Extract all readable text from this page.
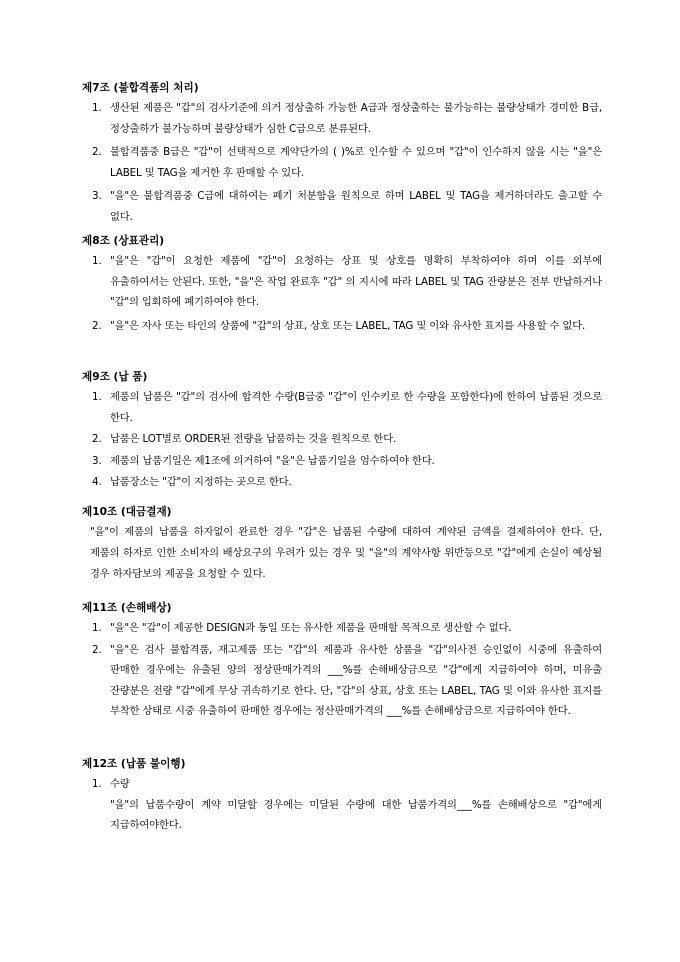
제7조 (불합격품의 처리)
1. 생산된 제품은 "갑"의 검사기준에 의거 정상출하 가능한 A급과 정상출하는 불가능하는 불량상태가 경미한 B급, 정상출하가 불가능하며 불량상태가 심한 C급으로 분류된다.
2. 불합격품중 B급은 "갑"이 선택적으로 계약단가의 ( )%로 인수할 수 있으며 "갑"이 인수하지 않을 시는 "을"은 LABEL 및 TAG을 제거한 후 판매할 수 있다.
3. "을"은 불합격품중 C급에 대하여는 폐기 처분함을 원칙으로 하며 LABEL 및 TAG을 제거하더라도 출고할 수 없다.
제8조 (상표관리)
1. "을"은 "갑"이 요청한 제품에 "갑"이 요청하는 상표 및 상호를 명확히 부착하여야 하며 이를 외부에 유출하여서는 안된다. 또한, "을"은 작업 완료후 "갑" 의 지시에 따라 LABEL 및 TAG 잔량분은 전부 반납하거나 "갑"의 입회하에 폐기하여야 한다.
2. "을"은 자사 또는 타인의 상품에 "갑"의 상표, 상호 또는 LABEL, TAG 및 이와 유사한 표지를 사용할 수 없다.
제9조 (납 품)
1. 제품의 납품은 "갑"의 검사에 합격한 수량(B급중 "갑"이 인수키로 한 수량을 포함한다)에 한하여 납품된 것으로 한다.
2. 납품은 LOT별로 ORDER된 전량을 납품하는 것을 원칙으로 한다.
3. 제품의 납품기일은 제1조에 의거하여 "을"은 납품기일을 엄수하여야 한다.
4. 납품장소는 "갑"이 지정하는 곳으로 한다.
제10조 (대금결재)
"을"이 제품의 납품을 하자없이 완료한 경우 "갑"은 납품된 수량에 대하여 계약된 금액을 결제하여야 한다. 단, 제품의 하자로 인한 소비자의 배상요구의 우려가 있는 경우 및 "을"의 계약사항 위반등으로 "갑"에게 손실이 예상될 경우 하자담보의 제공을 요청할 수 있다.
제11조 (손해배상)
1. "을"은 "갑"이 제공한 DESIGN과 동일 또는 유사한 제품을 판매할 목적으로 생산할 수 없다.
2. "을"은 검사 불합격품, 재고제품 또는 "갑"의 제품과 유사한 상품을 "갑"의사전 승인없이 시중에 유출하여 판매한 경우에는 유출된 양의 정상판매가격의 ___%를 손해배상금으로 "갑"에게 지급하여야 하며, 미유출 잔량분은 전량 "갑"에게 무상 귀속하기로 한다. 단, "갑"의 상표, 상호 또는 LABEL, TAG 및 이와 유사한 표지를 부착한 상태로 시중 유출하여 판매한 경우에는 정산판매가격의 ___%를 손해배상금으로 지급하여야 한다.
제12조 (납품 불이행)
1. 수량
"을"의 납품수량이 계약 미달할 경우에는 미달된 수량에 대한 납품가격의___%를 손해배상으로 "갑"에게 지급하여야한다.
